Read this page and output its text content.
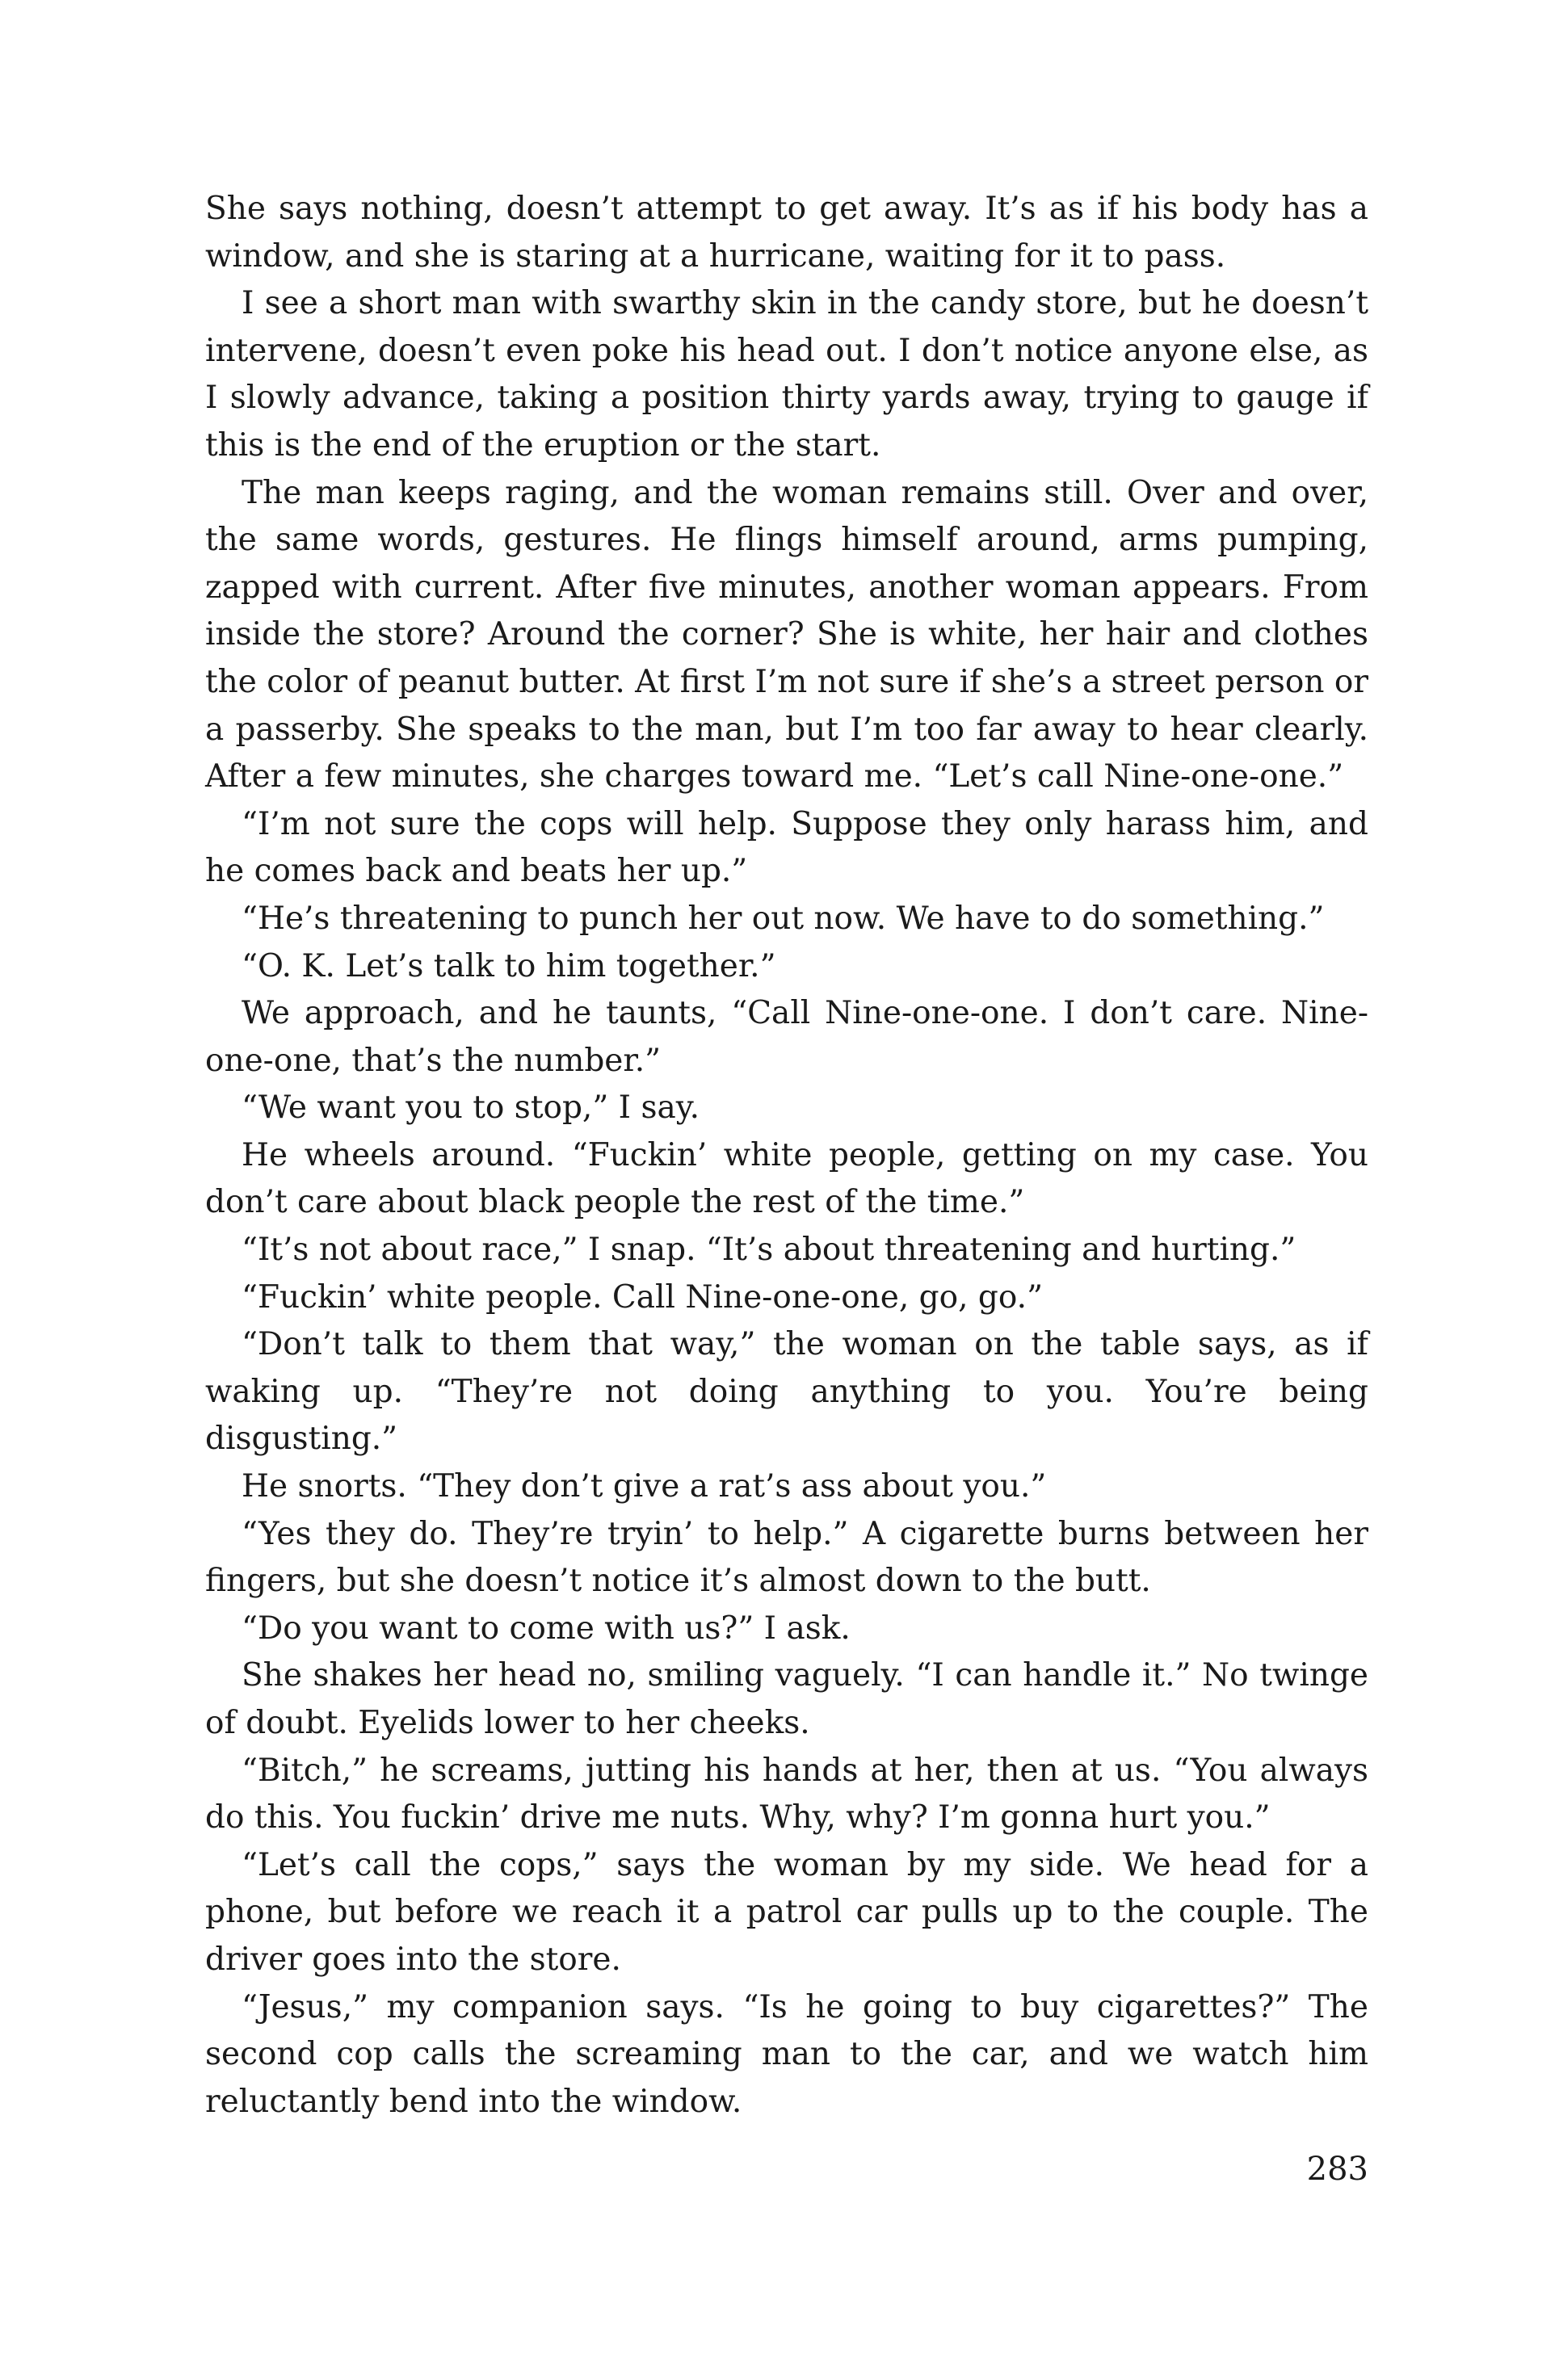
She says nothing, doesn’t attempt to get away. It’s as if his body has a window, and she is staring at a hurricane, waiting for it to pass.

I see a short man with swarthy skin in the candy store, but he doesn’t intervene, doesn’t even poke his head out. I don’t notice anyone else, as I slowly advance, taking a position thirty yards away, trying to gauge if this is the end of the eruption or the start.

The man keeps raging, and the woman remains still. Over and over, the same words, gestures. He flings himself around, arms pumping, zapped with current. After five minutes, another woman appears. From inside the store? Around the corner? She is white, her hair and clothes the color of peanut butter. At first I’m not sure if she’s a street person or a passerby. She speaks to the man, but I’m too far away to hear clearly. After a few minutes, she charges toward me. “Let’s call Nine-one-one.”

“I’m not sure the cops will help. Suppose they only harass him, and he comes back and beats her up.”

“He’s threatening to punch her out now. We have to do something.”

“O. K. Let’s talk to him together.”

We approach, and he taunts, “Call Nine-one-one. I don’t care. Nine-one-one, that’s the number.”

“We want you to stop,” I say.

He wheels around. “Fuckin’ white people, getting on my case. You don’t care about black people the rest of the time.”

“It’s not about race,” I snap. “It’s about threatening and hurting.”

“Fuckin’ white people. Call Nine-one-one, go, go.”

“Don’t talk to them that way,” the woman on the table says, as if waking up. “They’re not doing anything to you. You’re being disgusting.”

He snorts. “They don’t give a rat’s ass about you.”

“Yes they do. They’re tryin’ to help.” A cigarette burns between her fingers, but she doesn’t notice it’s almost down to the butt.

“Do you want to come with us?” I ask.

She shakes her head no, smiling vaguely. “I can handle it.” No twinge of doubt. Eyelids lower to her cheeks.

“Bitch,” he screams, jutting his hands at her, then at us. “You always do this. You fuckin’ drive me nuts. Why, why? I’m gonna hurt you.”

“Let’s call the cops,” says the woman by my side. We head for a phone, but before we reach it a patrol car pulls up to the couple. The driver goes into the store.

“Jesus,” my companion says. “Is he going to buy cigarettes?” The second cop calls the screaming man to the car, and we watch him reluctantly bend into the window.

283
